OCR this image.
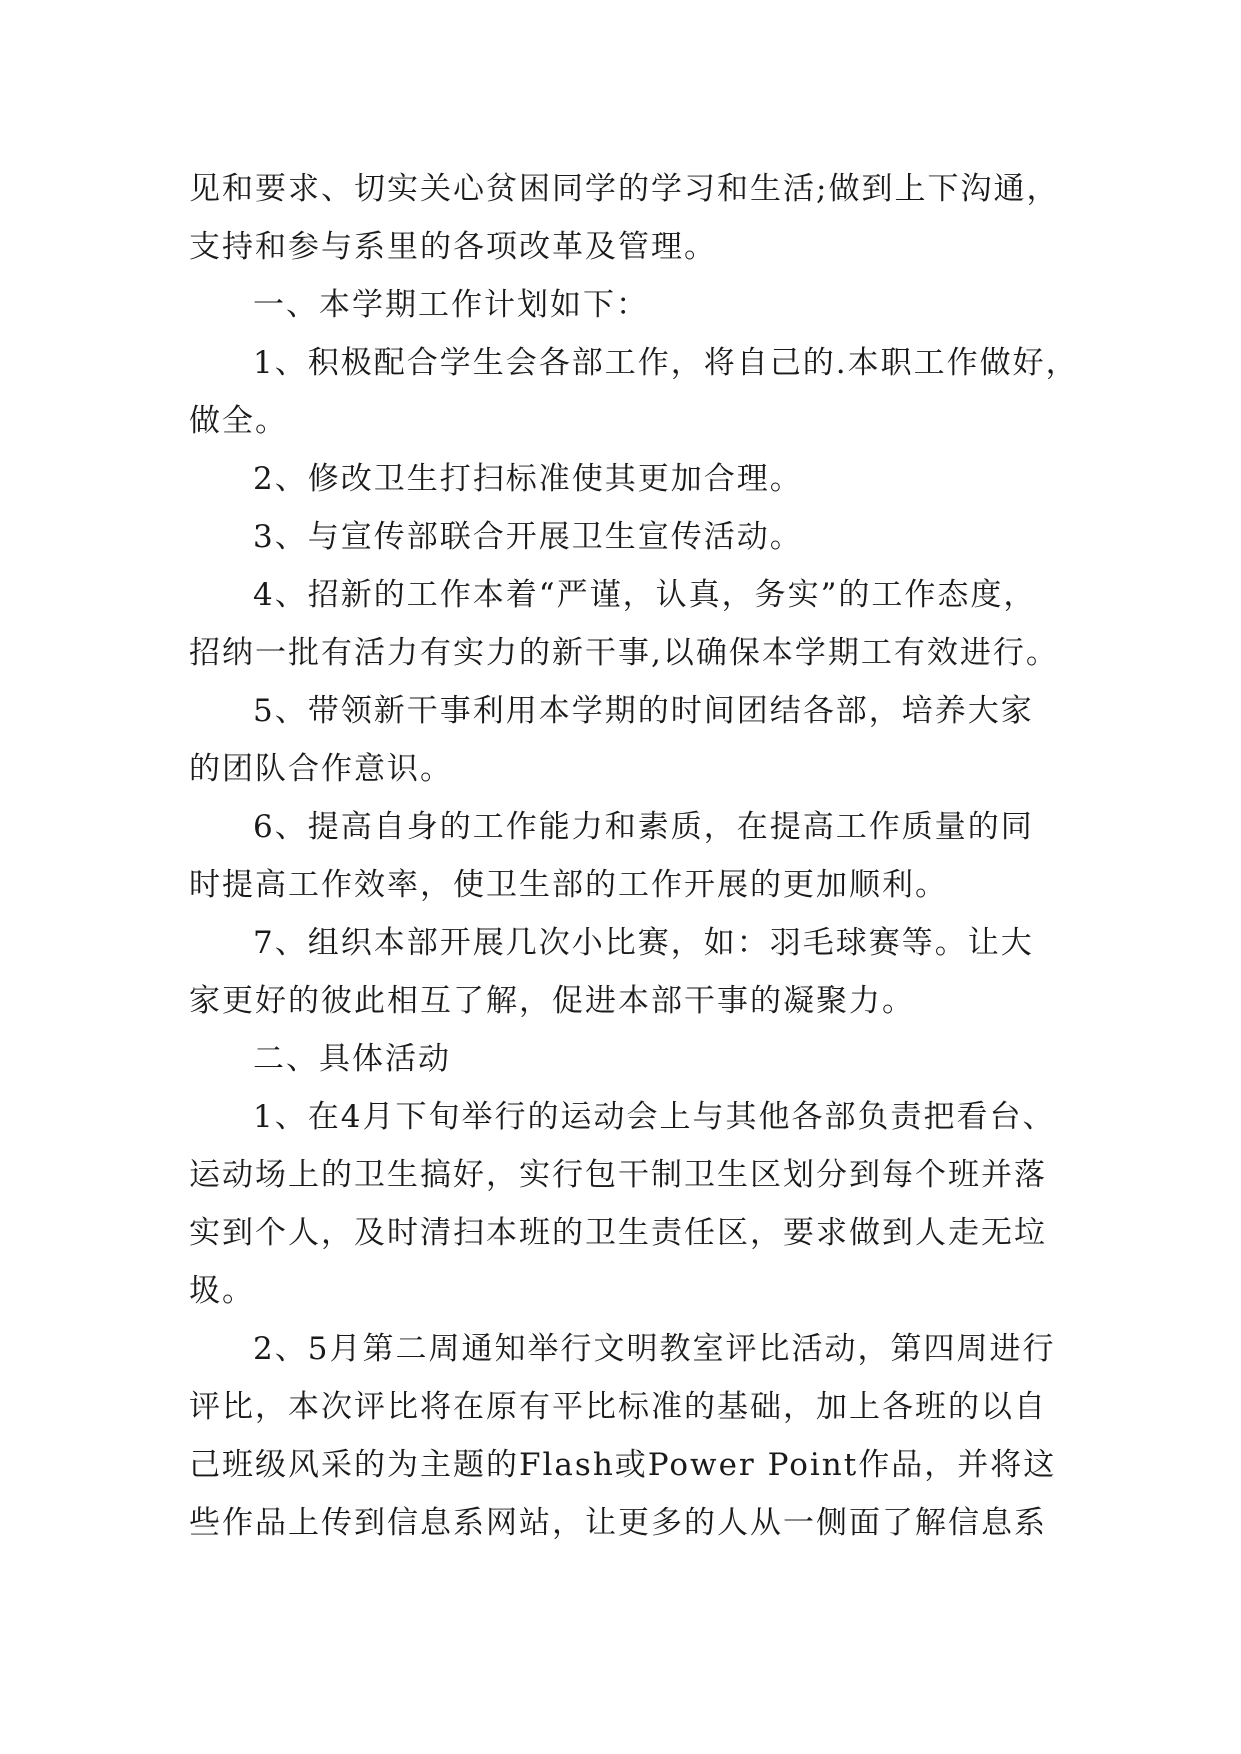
见和要求、切实关心贫困同学的学习和生活;做到上下沟通，
支持和参与系里的各项改革及管理。
一、本学期工作计划如下：
1、积极配合学生会各部工作，将自己的.本职工作做好，
做全。
2、修改卫生打扫标准使其更加合理。
3、与宣传部联合开展卫生宣传活动。
4、招新的工作本着“严谨，认真，务实”的工作态度，
招纳一批有活力有实力的新干事,以确保本学期工有效进行。
5、带领新干事利用本学期的时间团结各部，培养大家
的团队合作意识。
6、提高自身的工作能力和素质，在提高工作质量的同
时提高工作效率，使卫生部的工作开展的更加顺利。
7、组织本部开展几次小比赛，如：羽毛球赛等。让大
家更好的彼此相互了解，促进本部干事的凝聚力。
二、具体活动
1、在4月下旬举行的运动会上与其他各部负责把看台、
运动场上的卫生搞好，实行包干制卫生区划分到每个班并落
实到个人，及时清扫本班的卫生责任区，要求做到人走无垃
圾。
2、5月第二周通知举行文明教室评比活动，第四周进行
评比，本次评比将在原有平比标准的基础，加上各班的以自
己班级风采的为主题的Flash或Power Point作品，并将这
些作品上传到信息系网站，让更多的人从一侧面了解信息系
